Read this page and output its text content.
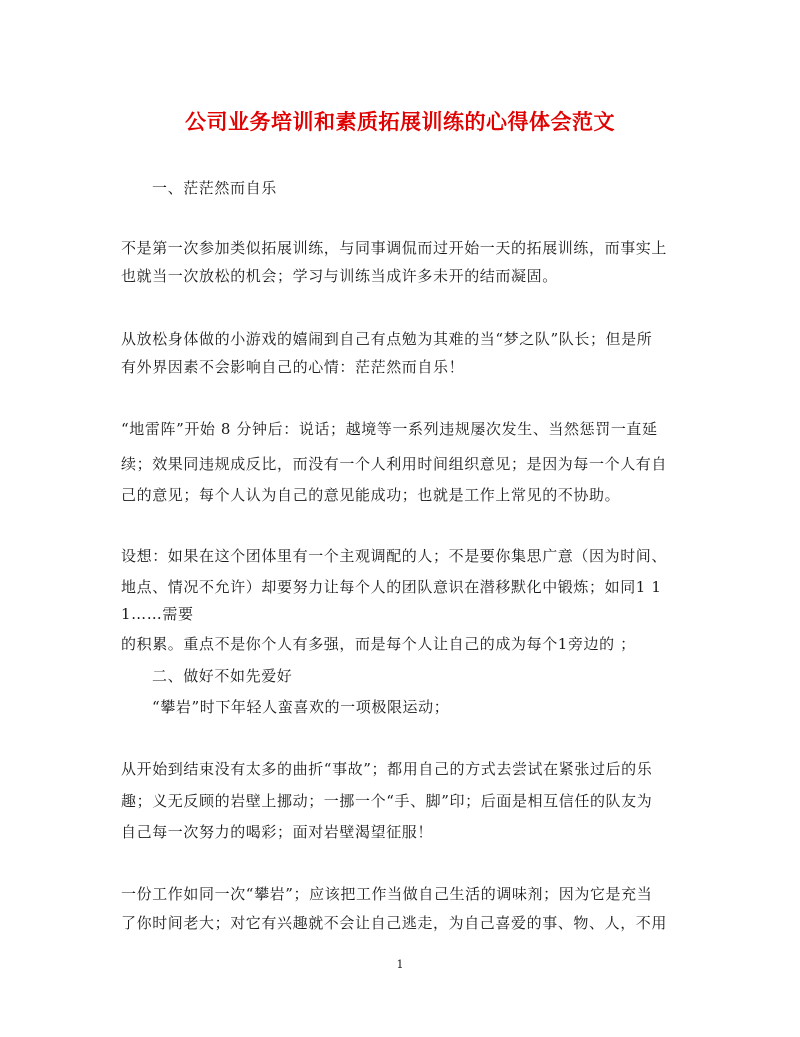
公司业务培训和素质拓展训练的心得体会范文
一、茫茫然而自乐
不是第一次参加类似拓展训练，与同事调侃而过开始一天的拓展训练，而事实上
也就当一次放松的机会；学习与训练当成许多未开的结而凝固。
从放松身体做的小游戏的嬉闹到自己有点勉为其难的当“梦之队”队长；但是所
有外界因素不会影响自己的心情：茫茫然而自乐！
“地雷阵”开始 8 分钟后：说话；越境等一系列违规屡次发生、当然惩罚一直延
续；效果同违规成反比，而没有一个人利用时间组织意见；是因为每一个人有自
己的意见；每个人认为自己的意见能成功；也就是工作上常见的不协助。
设想：如果在这个团体里有一个主观调配的人；不是要你集思广意（因为时间、
地点、情况不允许）却要努力让每个人的团队意识在潜移默化中锻炼；如同1 1
1……需要
的积累。重点不是你个人有多强，而是每个人让自己的成为每个1旁边的 ；
二、做好不如先爱好
“攀岩”时下年轻人蛮喜欢的一项极限运动；
从开始到结束没有太多的曲折“事故”；都用自己的方式去尝试在紧张过后的乐
趣；义无反顾的岩壁上挪动；一挪一个“手、脚”印；后面是相互信任的队友为
自己每一次努力的喝彩；面对岩壁渴望征服！
一份工作如同一次“攀岩”；应该把工作当做自己生活的调味剂；因为它是充当
了你时间老大；对它有兴趣就不会让自己逃走，为自己喜爱的事、物、人，不用
1
